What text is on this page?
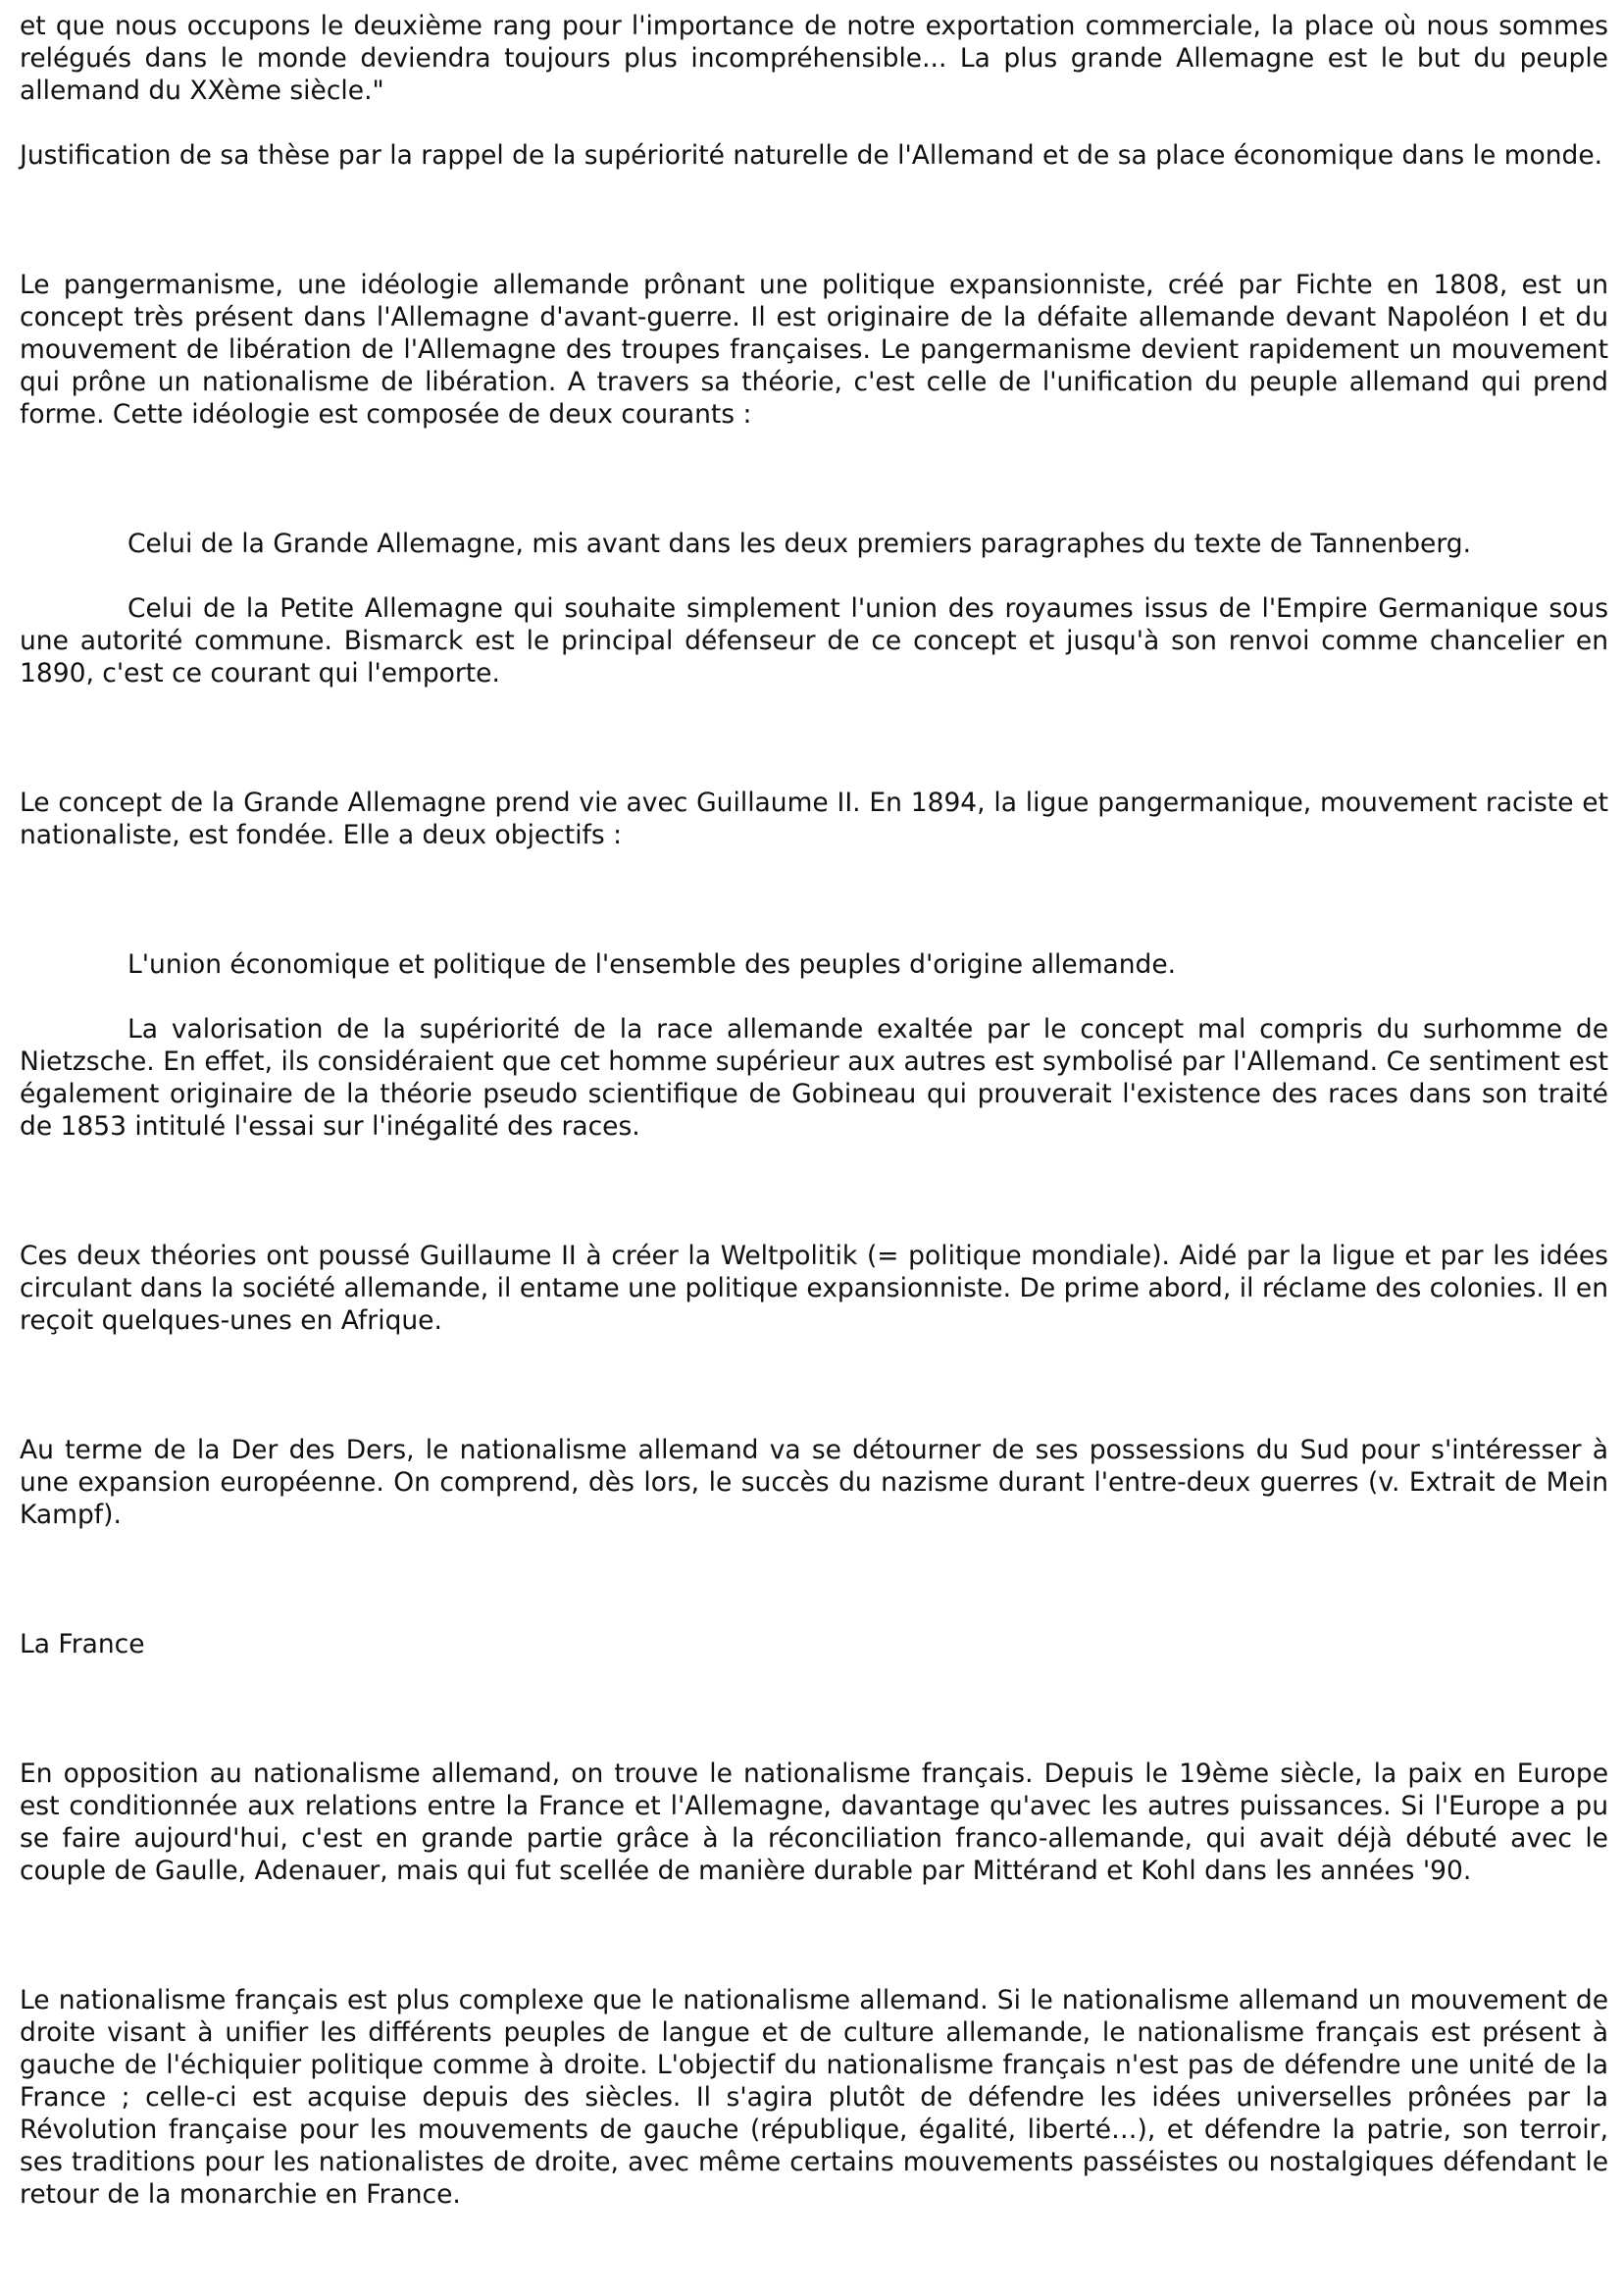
et que nous occupons le deuxième rang pour l'importance de notre exportation commerciale, la place où nous sommes relégués dans le monde deviendra toujours plus incompréhensible... La plus grande Allemagne est le but du peuple allemand du XXème siècle."

Justification de sa thèse par la rappel de la supériorité naturelle de l'Allemand et de sa place économique dans le monde.

Le pangermanisme, une idéologie allemande prônant une politique expansionniste, créé par Fichte en 1808, est un concept très présent dans l'Allemagne d'avant-guerre. Il est originaire de la défaite allemande devant Napoléon I et du mouvement de libération de l'Allemagne des troupes françaises. Le pangermanisme devient rapidement un mouvement qui prône un nationalisme de libération. A travers sa théorie, c'est celle de l'unification du peuple allemand qui prend forme. Cette idéologie est composée de deux courants :

Celui de la Grande Allemagne, mis avant dans les deux premiers paragraphes du texte de Tannenberg.

Celui de la Petite Allemagne qui souhaite simplement l'union des royaumes issus de l'Empire Germanique sous une autorité commune. Bismarck est le principal défenseur de ce concept et jusqu'à son renvoi comme chancelier en 1890, c'est ce courant qui l'emporte.

Le concept de la Grande Allemagne prend vie avec Guillaume II. En 1894, la ligue pangermanique, mouvement raciste et nationaliste, est fondée. Elle a deux objectifs :

L'union économique et politique de l'ensemble des peuples d'origine allemande.

La valorisation de la supériorité de la race allemande exaltée par le concept mal compris du surhomme de Nietzsche. En effet, ils considéraient que cet homme supérieur aux autres est symbolisé par l'Allemand. Ce sentiment est également originaire de la théorie pseudo scientifique de Gobineau qui prouverait l'existence des races dans son traité de 1853 intitulé l'essai sur l'inégalité des races.

Ces deux théories ont poussé Guillaume II à créer la Weltpolitik (= politique mondiale). Aidé par la ligue et par les idées circulant dans la société allemande, il entame une politique expansionniste. De prime abord, il réclame des colonies. Il en reçoit quelques-unes en Afrique.

Au terme de la Der des Ders, le nationalisme allemand va se détourner de ses possessions du Sud pour s'intéresser à une expansion européenne. On comprend, dès lors, le succès du nazisme durant l'entre-deux guerres (v. Extrait de Mein Kampf).

La France

En opposition au nationalisme allemand, on trouve le nationalisme français. Depuis le 19ème siècle, la paix en Europe est conditionnée aux relations entre la France et l'Allemagne, davantage qu'avec les autres puissances. Si l'Europe a pu se faire aujourd'hui, c'est en grande partie grâce à la réconciliation franco-allemande, qui avait déjà débuté avec le couple de Gaulle, Adenauer, mais qui fut scellée de manière durable par Mittérand et Kohl dans les années '90.

Le nationalisme français est plus complexe que le nationalisme allemand. Si le nationalisme allemand un mouvement de droite visant à unifier les différents peuples de langue et de culture allemande, le nationalisme français est présent à gauche de l'échiquier politique comme à droite. L'objectif du nationalisme français n'est pas de défendre une unité de la France ; celle-ci est acquise depuis des siècles. Il s'agira plutôt de défendre les idées universelles prônées par la Révolution française pour les mouvements de gauche (république, égalité, liberté…), et défendre la patrie, son terroir, ses traditions pour les nationalistes de droite, avec même certains mouvements passéistes ou nostalgiques défendant le retour de la monarchie en France.
